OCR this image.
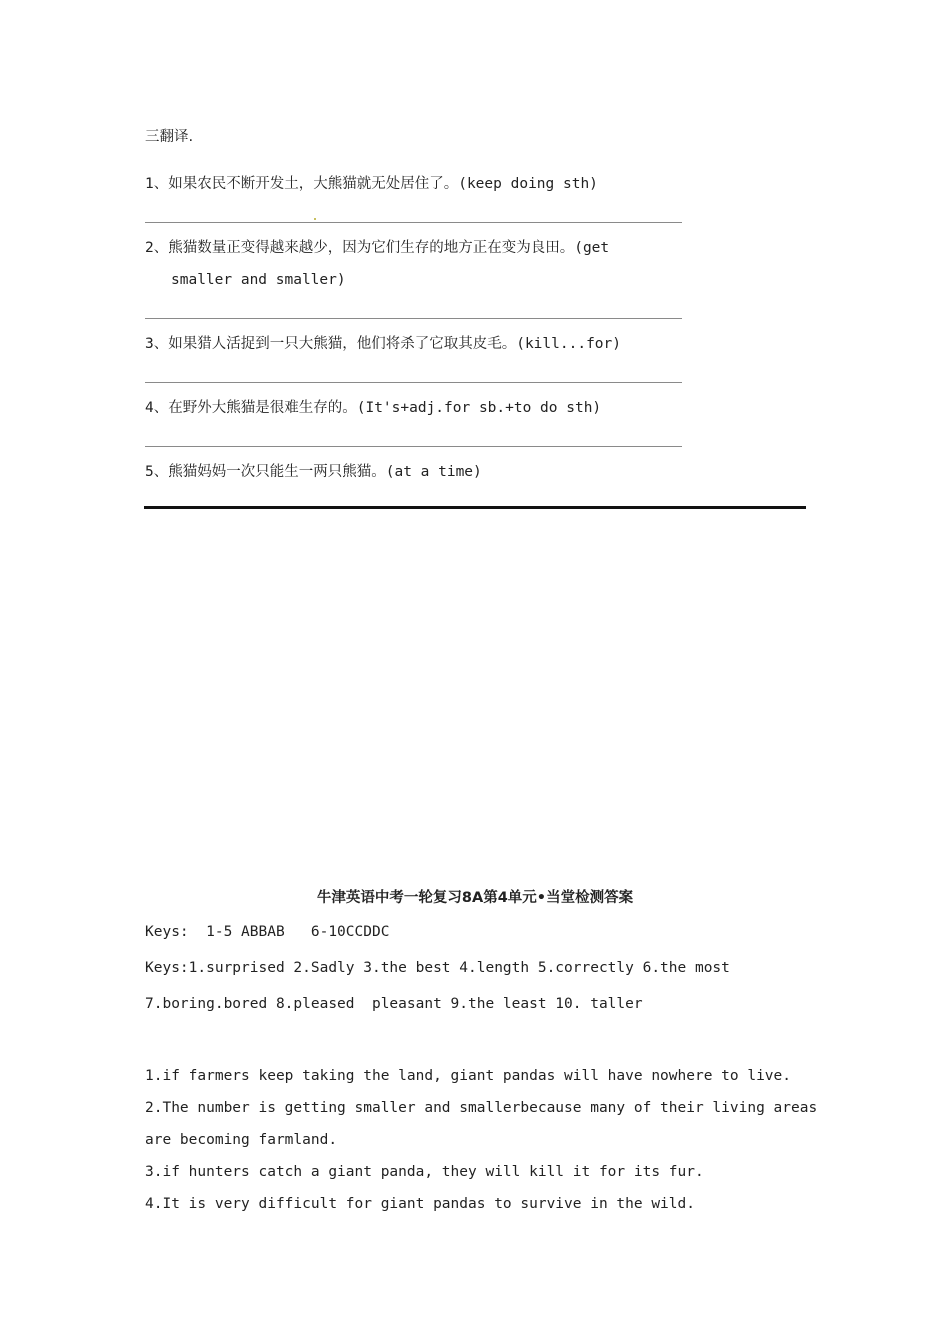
三翻译.
1、如果农民不断开发土，大熊猫就无处居住了。(keep doing sth)
2、熊猫数量正变得越来越少，因为它们生存的地方正在变为良田。(get
smaller and smaller)
3、如果猎人活捉到一只大熊猫，他们将杀了它取其皮毛。(kill...for)
4、在野外大熊猫是很难生存的。(It's+adj.for sb.+to do sth)
5、熊猫妈妈一次只能生一两只熊猫。(at a time)
牛津英语中考一轮复习8A第4单元•当堂检测答案
Keys:  1-5 ABBAB   6-10CCDDC
Keys:1.surprised 2.Sadly 3.the best 4.length 5.correctly 6.the most
7.boring.bored 8.pleased  pleasant 9.the least 10. taller
1.if farmers keep taking the land, giant pandas will have nowhere to live.
2.The number is getting smaller and smallerbecause many of their living areas
are becoming farmland.
3.if hunters catch a giant panda, they will kill it for its fur.
4.It is very difficult for giant pandas to survive in the wild.
